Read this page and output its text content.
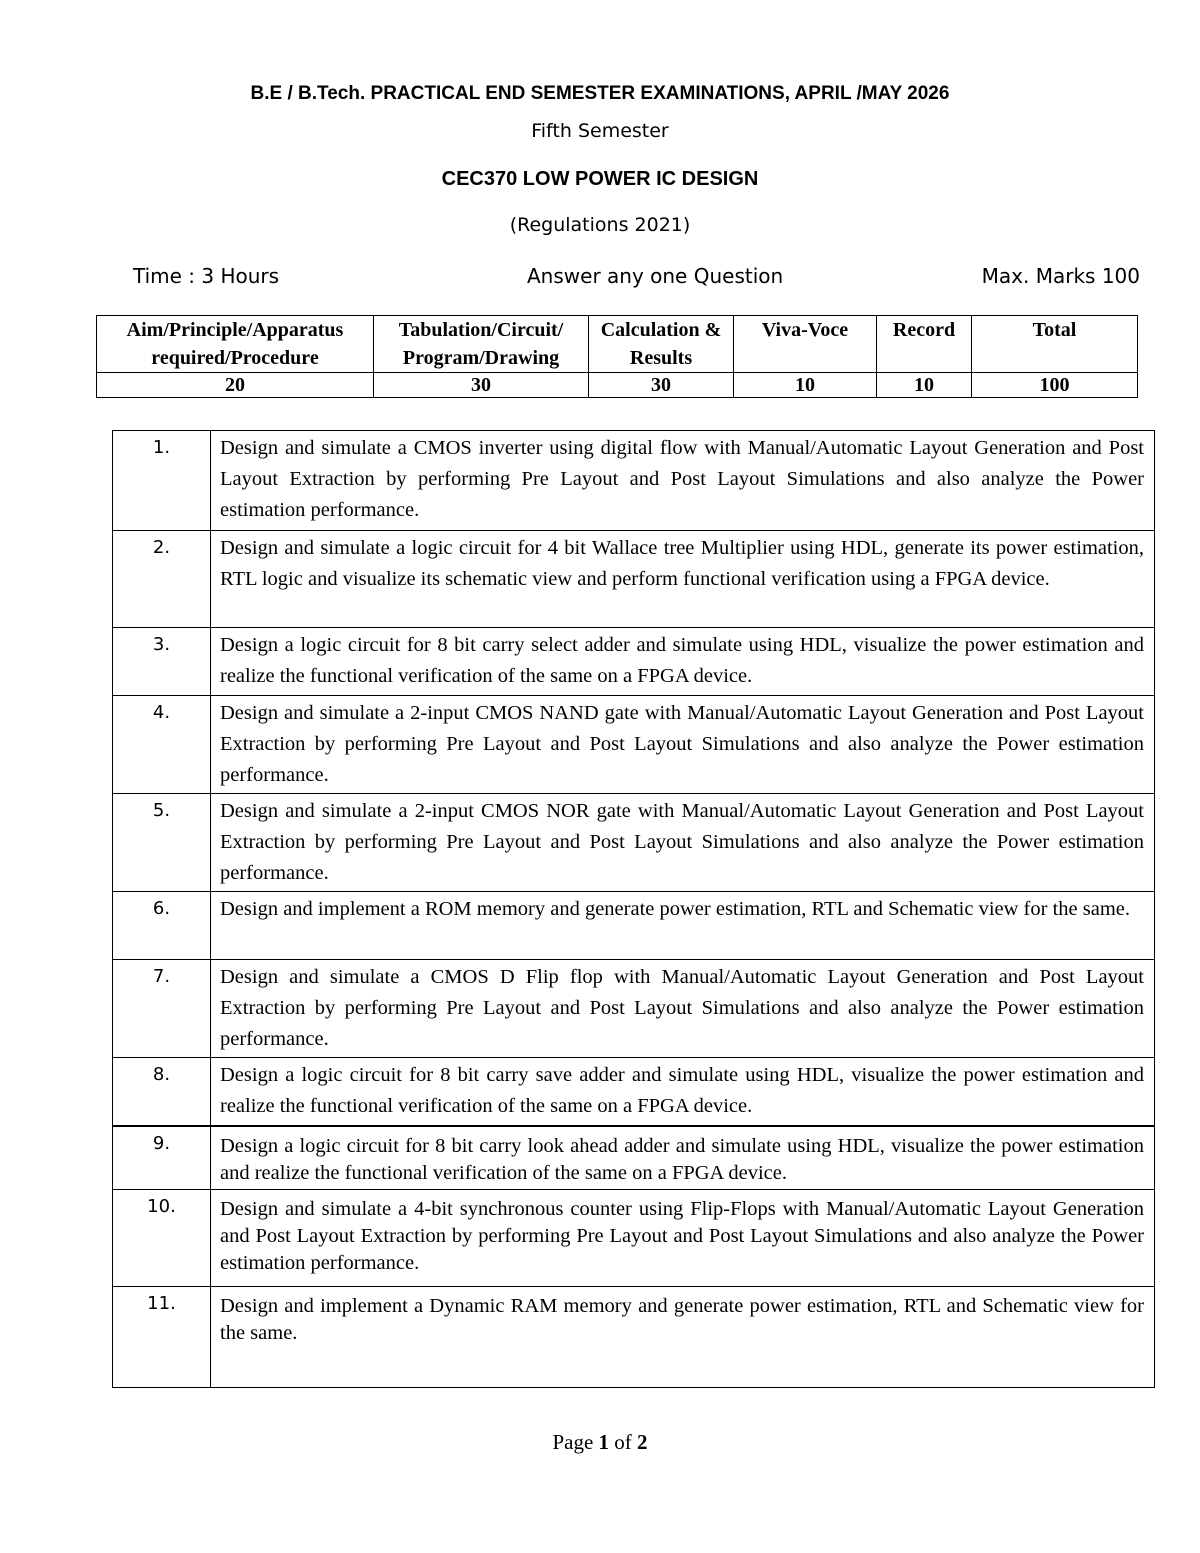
B.E / B.Tech. PRACTICAL END SEMESTER EXAMINATIONS, APRIL /MAY 2026
Fifth Semester
CEC370 LOW POWER IC DESIGN
(Regulations 2021)
Time : 3 Hours	Answer any one Question	Max. Marks 100
Aim/Principle/Apparatus required/Procedure	Tabulation/Circuit/ Program/Drawing	Calculation & Results	Viva-Voce	Record	Total
20	30	30	10	10	100
1.	Design and simulate a CMOS inverter using digital flow with Manual/Automatic Layout Generation and Post Layout Extraction by performing Pre Layout and Post Layout Simulations and also analyze the Power estimation performance.
2.	Design and simulate a logic circuit for 4 bit Wallace tree Multiplier using HDL, generate its power estimation, RTL logic and visualize its schematic view and perform functional verification using a FPGA device.
3.	Design a logic circuit for 8 bit carry select adder and simulate using HDL, visualize the power estimation and realize the functional verification of the same on a FPGA device.
4.	Design and simulate a 2-input CMOS NAND gate with Manual/Automatic Layout Generation and Post Layout Extraction by performing Pre Layout and Post Layout Simulations and also analyze the Power estimation performance.
5.	Design and simulate a 2-input CMOS NOR gate with Manual/Automatic Layout Generation and Post Layout Extraction by performing Pre Layout and Post Layout Simulations and also analyze the Power estimation performance.
6.	Design and implement a ROM memory and generate power estimation, RTL and Schematic view for the same.
7.	Design and simulate a CMOS D Flip flop with Manual/Automatic Layout Generation and Post Layout Extraction by performing Pre Layout and Post Layout Simulations and also analyze the Power estimation performance.
8.	Design a logic circuit for 8 bit carry save adder and simulate using HDL, visualize the power estimation and realize the functional verification of the same on a FPGA device.
9.	Design a logic circuit for 8 bit carry look ahead adder and simulate using HDL, visualize the power estimation and realize the functional verification of the same on a FPGA device.
10.	Design and simulate a 4-bit synchronous counter using Flip-Flops with Manual/Automatic Layout Generation and Post Layout Extraction by performing Pre Layout and Post Layout Simulations and also analyze the Power estimation performance.
11.	Design and implement a Dynamic RAM memory and generate power estimation, RTL and Schematic view for the same.
Page 1 of 2
